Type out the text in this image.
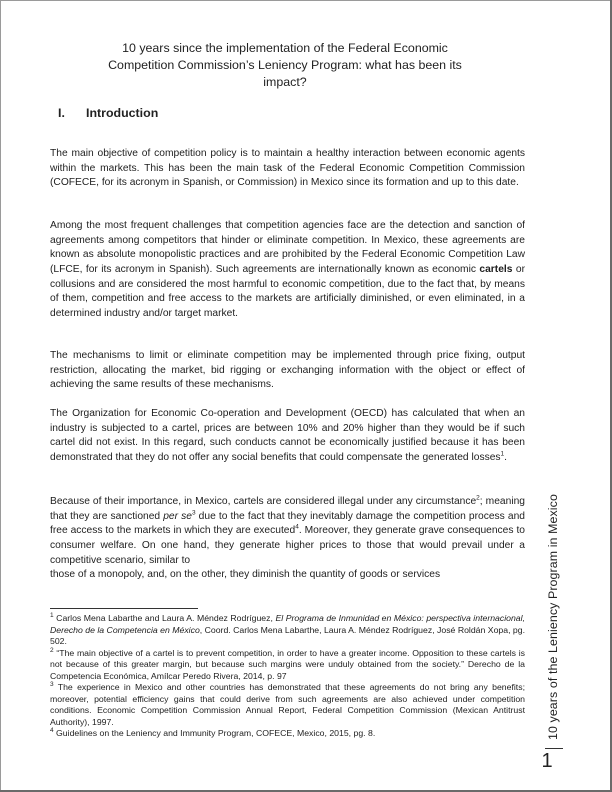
10 years since the implementation of the Federal Economic Competition Commission’s Leniency Program: what has been its impact?
I. Introduction

The main objective of competition policy is to maintain a healthy interaction between economic agents within the markets. This has been the main task of the Federal Economic Competition Commission (COFECE, for its acronym in Spanish, or Commission) in Mexico since its formation and up to this date.

Among the most frequent challenges that competition agencies face are the detection and sanction of agreements among competitors that hinder or eliminate competition. In Mexico, these agreements are known as absolute monopolistic practices and are prohibited by the Federal Economic Competition Law (LFCE, for its acronym in Spanish). Such agreements are internationally known as economic cartels or collusions and are considered the most harmful to economic competition, due to the fact that, by means of them, competition and free access to the markets are artificially diminished, or even eliminated, in a determined industry and/or target market.

The mechanisms to limit or eliminate competition may be implemented through price fixing, output restriction, allocating the market, bid rigging or exchanging information with the object or effect of achieving the same results of these mechanisms.

The Organization for Economic Co-operation and Development (OECD) has calculated that when an industry is subjected to a cartel, prices are between 10% and 20% higher than they would be if such cartel did not exist. In this regard, such conducts cannot be economically justified because it has been demonstrated that they do not offer any social benefits that could compensate the generated losses$^1$.

Because of their importance, in Mexico, cartels are considered illegal under any circumstance$^2$; meaning that they are sanctioned per $se^3$ due to the fact that they inevitably damage the competition process and free access to the markets in which they are executed$^4$. Moreover, they generate grave consequences to consumer welfare. On one hand, they generate higher prices to those that would prevail under a competitive scenario, similar to
those of a monopoly, and, on the other, they diminish the quantity of goods or services

$^1$ Carlos Mena Labarthe and Laura A. Méndez Rodríguez, El Programa de Inmunidad en México: perspectiva internacional, Derecho de la Competencia en México, Coord. Carlos Mena Labarthe, Laura A. Méndez Rodríguez, José Roldán Xopa, pg. 502.

$^2$ “The main objective of a cartel is to prevent competition, in order to have a greater income. Opposition to these cartels is not because of this greater margin, but because such margins were unduly obtained from the society.” Derecho de la Competencia Económica, Amílcar Peredo Rivera, 2014, p. 97

$^3$ The experience in Mexico and other countries has demonstrated that these agreements do not bring any benefits; moreover, potential efficiency gains that could derive from such agreements are also achieved under competition conditions. Economic Competition Commission Annual Report, Federal Competition Commission (Mexican Antitrust Authority), 1997.

$^4$ Guidelines on the Leniency and Immunity Program, COFECE, Mexico, 2015, pg. 8.	10 years of the Leniency Program in Mexico
1
